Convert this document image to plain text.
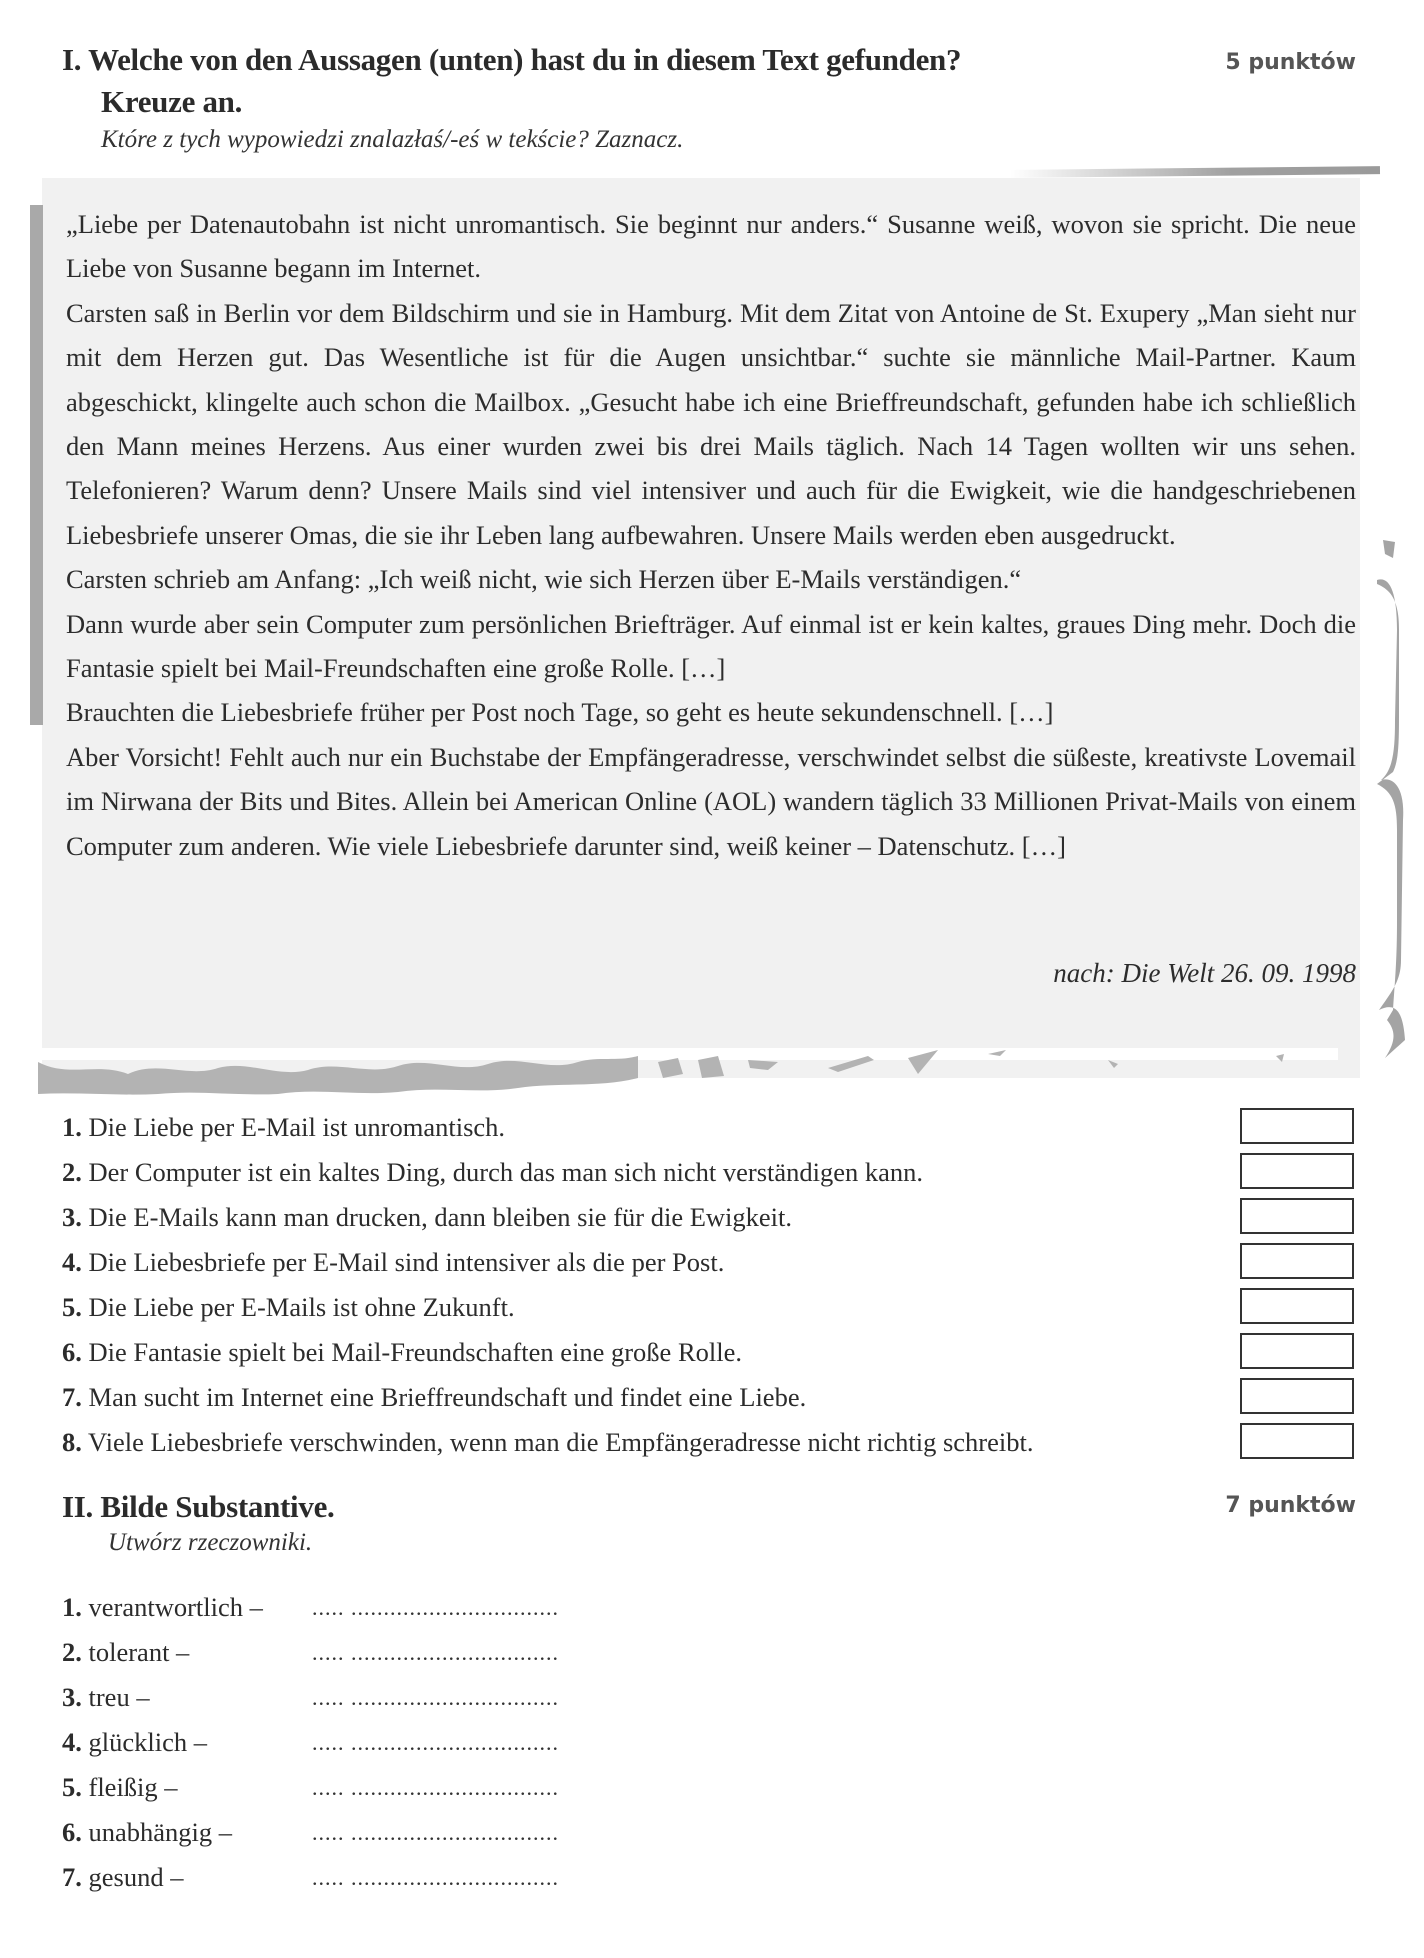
I. Welche von den Aussagen (unten) hast du in diesem Text gefunden?
Kreuze an.
Które z tych wypowiedzi znalazłaś/-eś w tekście? Zaznacz.
5 punktów

„Liebe per Datenautobahn ist nicht unromantisch. Sie beginnt nur anders.“ Susanne weiß, wovon sie spricht. Die neue Liebe von Susanne begann im Internet.

Carsten saß in Berlin vor dem Bildschirm und sie in Hamburg. Mit dem Zitat von Antoine de St. Exupery „Man sieht nur mit dem Herzen gut. Das Wesentliche ist für die Augen unsichtbar.“ suchte sie männliche Mail-Partner. Kaum abgeschickt, klingelte auch schon die Mailbox. „Gesucht habe ich eine Brieffreundschaft, gefunden habe ich schließlich den Mann meines Herzens. Aus einer wurden zwei bis drei Mails täglich. Nach 14 Tagen wollten wir uns sehen. Telefonieren? Warum denn? Unsere Mails sind viel intensiver und auch für die Ewigkeit, wie die handgeschriebenen Liebesbriefe unserer Omas, die sie ihr Leben lang aufbewahren. Unsere Mails werden eben ausgedruckt.

Carsten schrieb am Anfang: „Ich weiß nicht, wie sich Herzen über E-Mails verständigen.“

Dann wurde aber sein Computer zum persönlichen Briefträger. Auf einmal ist er kein kaltes, graues Ding mehr. Doch die Fantasie spielt bei Mail-Freundschaften eine große Rolle. […]

Brauchten die Liebesbriefe früher per Post noch Tage, so geht es heute sekundenschnell. […]

Aber Vorsicht! Fehlt auch nur ein Buchstabe der Empfängeradresse, verschwindet selbst die süßeste, kreativste Lovemail im Nirwana der Bits und Bites. Allein bei American Online (AOL) wandern täglich 33 Millionen Privat-Mails von einem Computer zum anderen. Wie viele Liebesbriefe darunter sind, weiß keiner – Datenschutz. […]

nach: Die Welt 26. 09. 1998
1. Die Liebe per E-Mail ist unromantisch.
2. Der Computer ist ein kaltes Ding, durch das man sich nicht verständigen kann.
3. Die E-Mails kann man drucken, dann bleiben sie für die Ewigkeit.
4. Die Liebesbriefe per E-Mail sind intensiver als die per Post.
5. Die Liebe per E-Mails ist ohne Zukunft.
6. Die Fantasie spielt bei Mail-Freundschaften eine große Rolle.
7. Man sucht im Internet eine Brieffreundschaft und findet eine Liebe.
8. Viele Liebesbriefe verschwinden, wenn man die Empfängeradresse nicht richtig schreibt.
II. Bilde Substantive.
Utwórz rzeczowniki.
7 punktów
1. verantwortlich – ..... ................................
2. tolerant –	..... ................................
3. treu –	..... ................................
4. glücklich –	..... ................................
5. fleißig –	..... ................................
6. unabhängig –	..... ................................
7. gesund –	..... ................................
